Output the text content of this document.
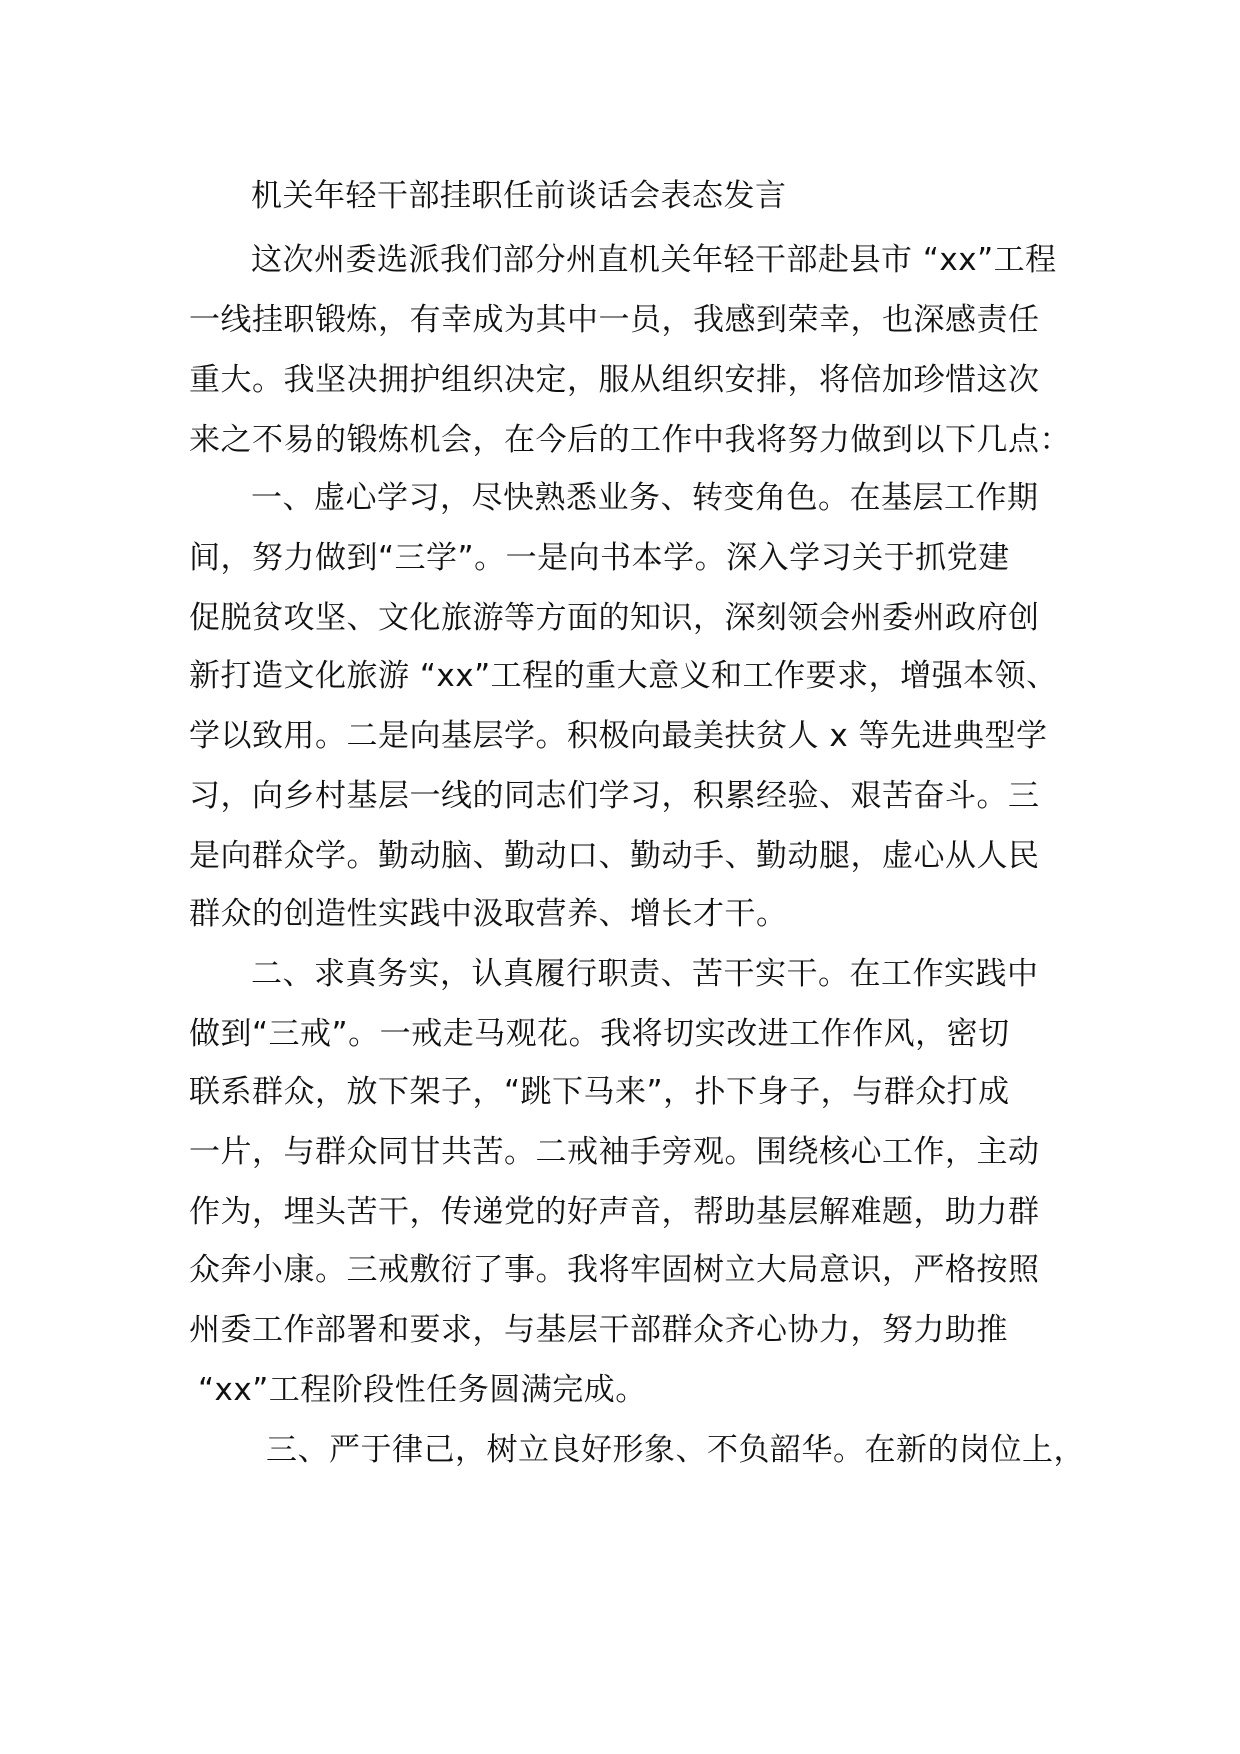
机关年轻干部挂职任前谈话会表态发言
这次州委选派我们部分州直机关年轻干部赴县市 “xx”工程
一线挂职锻炼，有幸成为其中一员，我感到荣幸，也深感责任
重大。我坚决拥护组织决定，服从组织安排，将倍加珍惜这次
来之不易的锻炼机会，在今后的工作中我将努力做到以下几点：
一、虚心学习，尽快熟悉业务、转变角色。在基层工作期
间，努力做到“三学”。一是向书本学。深入学习关于抓党建
促脱贫攻坚、文化旅游等方面的知识，深刻领会州委州政府创
新打造文化旅游 “xx”工程的重大意义和工作要求，增强本领、
学以致用。二是向基层学。积极向最美扶贫人 x 等先进典型学
习，向乡村基层一线的同志们学习，积累经验、艰苦奋斗。三
是向群众学。勤动脑、勤动口、勤动手、勤动腿，虚心从人民
群众的创造性实践中汲取营养、增长才干。
二、求真务实，认真履行职责、苦干实干。在工作实践中
做到“三戒”。一戒走马观花。我将切实改进工作作风，密切
联系群众，放下架子，“跳下马来”，扑下身子，与群众打成
一片，与群众同甘共苦。二戒袖手旁观。围绕核心工作，主动
作为，埋头苦干，传递党的好声音，帮助基层解难题，助力群
众奔小康。三戒敷衍了事。我将牢固树立大局意识，严格按照
州委工作部署和要求，与基层干部群众齐心协力，努力助推
“xx”工程阶段性任务圆满完成。
三、严于律己，树立良好形象、不负韶华。在新的岗位上，
